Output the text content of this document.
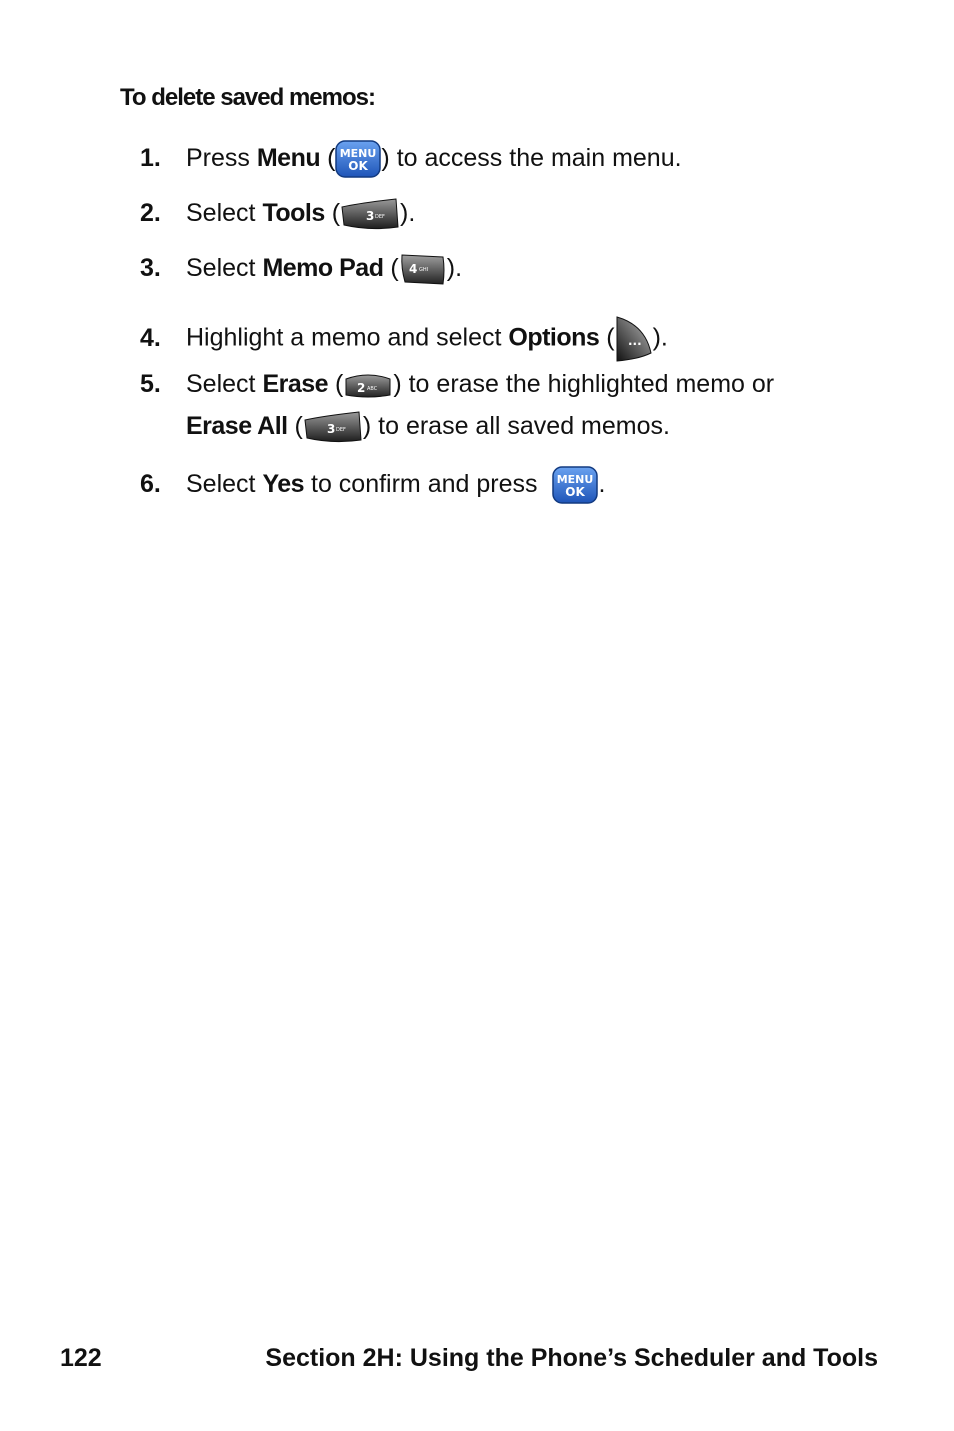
To delete saved memos:
1. Press Menu ( MENU
OK ) to access the main menu.
2. Select Tools ( 3 DEF ).
3. Select Memo Pad ( 4 GHI ).
4. Highlight a memo and select Options ( ... ).
5. Select Erase ( 2 ABC ) to erase the highlighted memo or
Erase All ( 3 DEF ) to erase all saved memos.
6. Select Yes to confirm and press MENU
OK .
122	Section 2H: Using the Phone’s Scheduler and Tools
